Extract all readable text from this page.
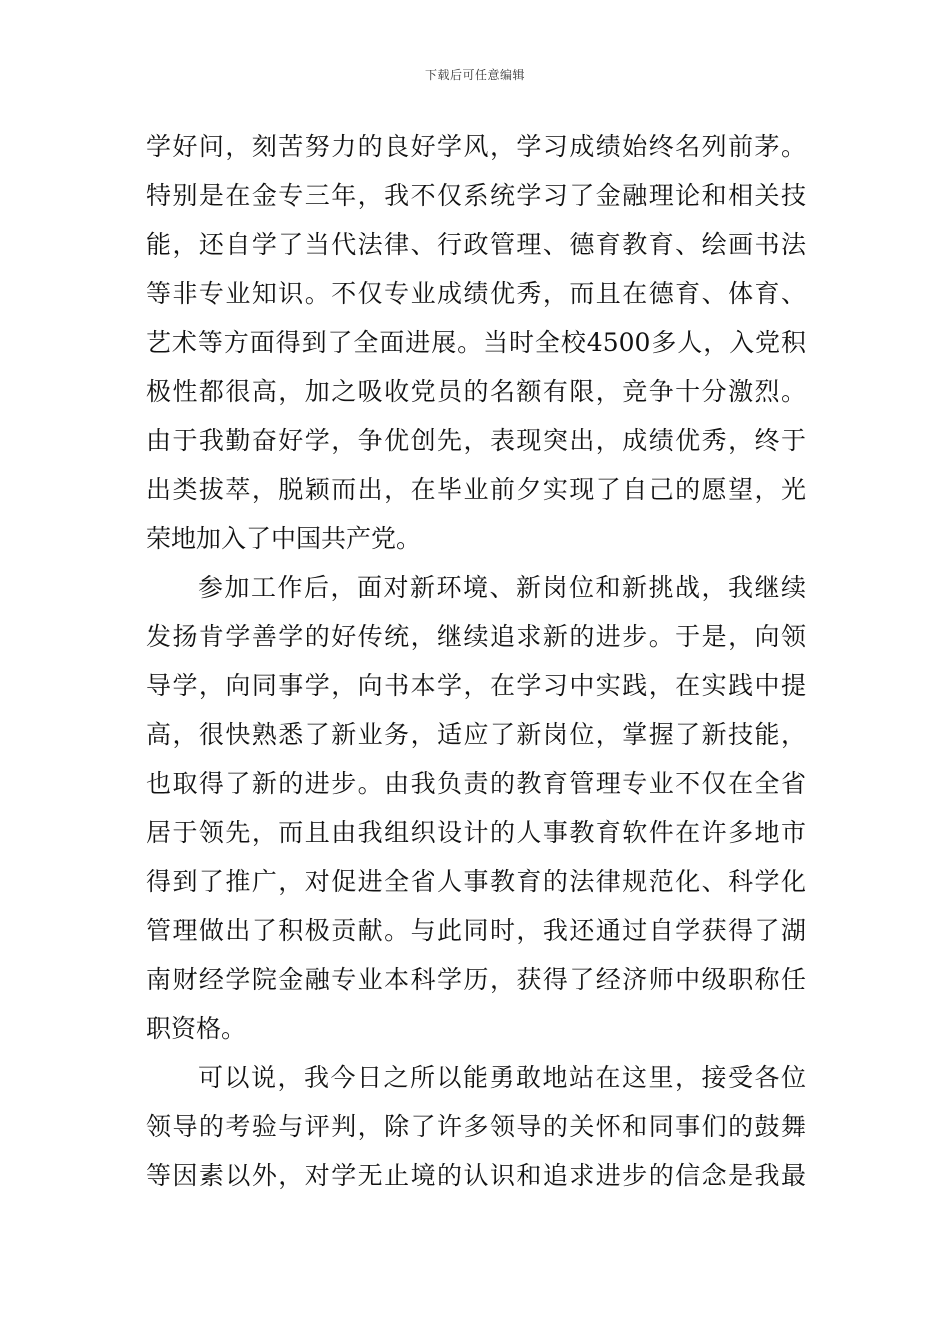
下载后可任意编辑
学好问，刻苦努力的良好学风，学习成绩始终名列前茅。
特别是在金专三年，我不仅系统学习了金融理论和相关技
能，还自学了当代法律、行政管理、德育教育、绘画书法
等非专业知识。不仅专业成绩优秀，而且在德育、体育、
艺术等方面得到了全面进展。当时全校4500多人，入党积
极性都很高，加之吸收党员的名额有限，竞争十分激烈。
由于我勤奋好学，争优创先，表现突出，成绩优秀，终于
出类拔萃，脱颖而出，在毕业前夕实现了自己的愿望，光
荣地加入了中国共产党。
参加工作后，面对新环境、新岗位和新挑战，我继续
发扬肯学善学的好传统，继续追求新的进步。于是，向领
导学，向同事学，向书本学，在学习中实践，在实践中提
高，很快熟悉了新业务，适应了新岗位，掌握了新技能，
也取得了新的进步。由我负责的教育管理专业不仅在全省
居于领先，而且由我组织设计的人事教育软件在许多地市
得到了推广，对促进全省人事教育的法律规范化、科学化
管理做出了积极贡献。与此同时，我还通过自学获得了湖
南财经学院金融专业本科学历，获得了经济师中级职称任
职资格。
可以说，我今日之所以能勇敢地站在这里，接受各位
领导的考验与评判，除了许多领导的关怀和同事们的鼓舞
等因素以外，对学无止境的认识和追求进步的信念是我最
